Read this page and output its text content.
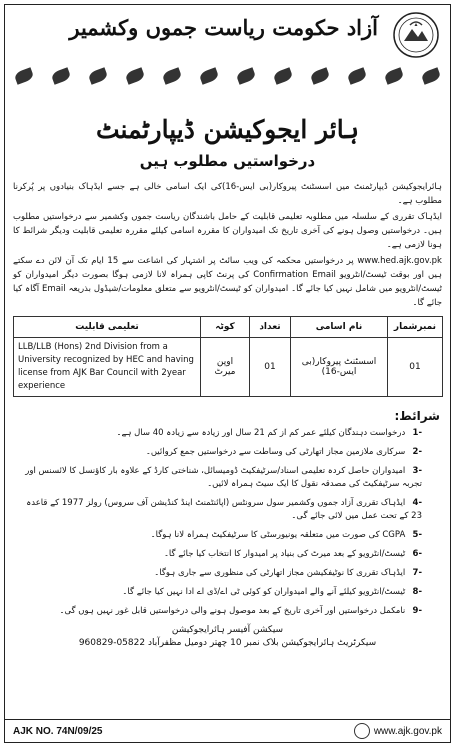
آزاد حکومت ریاست جموں وکشمیر
ہائر ایجوکیشن ڈیپارٹمنٹ
درخواستیں مطلوب ہیں

ہائرایجوکیشن ڈیپارٹمنٹ میں اسسٹنٹ پیروکار(بی ایس-16)کی ایک اسامی خالی ہے جسے ایڈہاک بنیادوں پر پُرکرنا مطلوب ہے۔

ایڈہاک تقرری کے سلسلہ میں مطلوبہ تعلیمی قابلیت کے حامل باشندگان ریاست جموں وکشمیر سے درخواستیں مطلوب ہیں۔ درخواستیں وصول ہونے کی آخری تاریخ تک امیدواران کا مقررہ اسامی کیلئے مقررہ تعلیمی قابلیت ودیگر شرائط کا ہونا لازمی ہے۔

www.hed.ajk.gov.pk پر درخواستیں محکمہ کی ویب سائٹ پر اشتہار کی اشاعت سے 15 ایام تک آن لائن دے سکتے ہیں اور بوقت ٹیسٹ/انٹرویو Confirmation Email کی پرنٹ کاپی ہمراہ لانا لازمی ہوگا بصورت دیگر امیدواران کو ٹیسٹ/انٹرویو میں شامل نہیں کیا جائے گا۔ امیدواران کو ٹیسٹ/انٹرویو سے متعلق معلومات/شیڈول بذریعہ Email آگاہ کیا جائے گا۔

نمبرشمار	نام اسامی	تعداد	کوٹہ	تعلیمی قابلیت
01	اسسٹنٹ پیروکار(بی ایس-16)	01	اوپن میرٹ	LLB/LLB (Hons) 2nd Division from a University recognized by HEC and having license from AJK Bar Council with 2year experience
شرائط:
-1 درخواست دہندگان کیلئے عمر کم از کم 21 سال اور زیادہ سے زیادہ 40 سال ہے۔
-2 سرکاری ملازمین مجاز اتھارٹی کی وساطت سے درخواستیں جمع کروائیں۔
-3 امیدواران حاصل کردہ تعلیمی اسناد/سرٹیفکیٹ ڈومیسائل، شناختی کارڈ کے علاوہ بار کاؤنسل کا لائسنس اور تجربہ سرٹیفکیٹ کی مصدقہ نقول کا ایک سیٹ ہمراہ لائیں۔
-4 ایڈہاک تقرری آزاد جموں وکشمیر سول سرونٹس (اپائنٹمنٹ اینڈ کنڈیشن آف سروس) رولز 1977 کے قاعدہ 23 کے تحت عمل میں لائی جائے گی۔
-5 CGPA کی صورت میں متعلقہ یونیورسٹی کا سرٹیفکیٹ ہمراہ لانا ہوگا۔
-6 ٹیسٹ/انٹرویو کے بعد میرٹ کی بنیاد پر امیدوار کا انتخاب کیا جائے گا۔
-7 ایڈہاک تقرری کا نوٹیفکیشن مجاز اتھارٹی کی منظوری سے جاری ہوگا۔
-8 ٹیسٹ/انٹرویو کیلئے آنے والے امیدواران کو کوئی ٹی اے/ڈی اے ادا نہیں کیا جائے گا۔
-9 نامکمل درخواستیں اور آخری تاریخ کے بعد موصول ہونے والی درخواستیں قابل غور نہیں ہوں گی۔
سیکشن آفیسر ہائرایجوکیشن
سیکرٹریٹ ہائرایجوکیشن بلاک نمبر 10 چھتر دومیل مظفرآباد 05822-960829
AJK NO. 74N/09/25	www.ajk.gov.pk
